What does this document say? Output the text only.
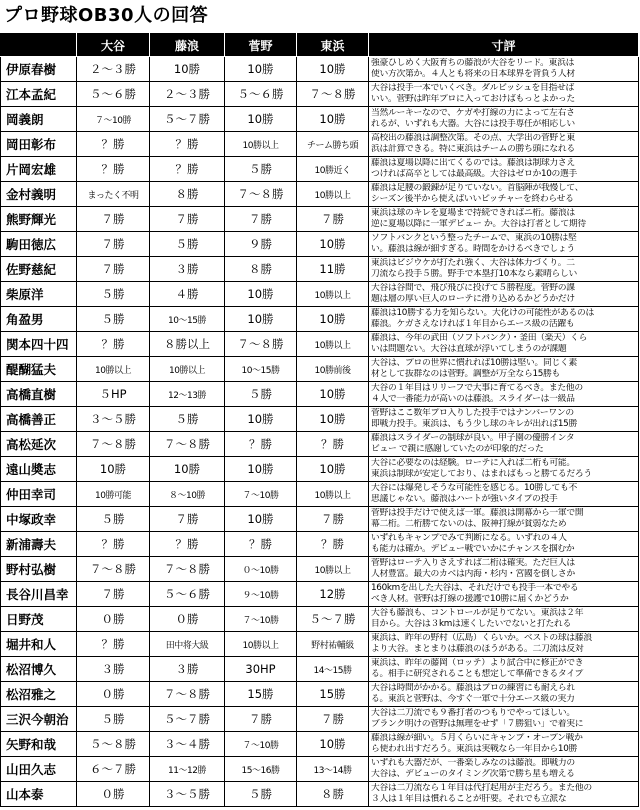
プロ野球OB30人の回答
	大谷	藤浪	菅野	東浜	寸評
伊原春樹	２～３勝	10勝	10勝	10勝	強豪ひしめく大阪育ちの藤浪が大谷をリード。東浜は
使い方次第か。４人とも将来の日本球界を背負う人材

江本孟紀	５～６勝	２～３勝	５～６勝	７～８勝	大谷は投手一本でいくべき。ダルビッシュを目指せば
いい。菅野は昨年プロに入っておけばもっとよかった

岡義朗	７～10勝	５～７勝	10勝	10勝	当然ルーキーなので、ケガや打線の力によって左右さ
れるが、いずれも大器。大谷には投手専任が相応しい

岡田彰布	？勝	？勝	10勝以上	チーム勝ち頭	高校出の藤浪は調整次第。その点、大学出の菅野と東
浜は計算できる。特に東浜はチームの勝ち頭になれる

片岡宏雄	？勝	？勝	５勝	10勝近く	藤浪は夏場以降に出てくるのでは。藤浪は制球力さえ
つければ高卒としては最高級。大谷はゼロか10の選手

金村義明	まったく不明	８勝	７～８勝	10勝以上	藤浪は足腰の鍛錬が足りていない。首脳陣が我慢して、
シーズン後半から使えばいいピッチャーを終わらせる

熊野輝光	７勝	７勝	７勝	７勝	東浜は球のキレを夏場まで持続できればニ桁。藤浪は
逆に夏場以降に一軍デビュー か。大谷は打者として期待

駒田徳広	７勝	５勝	９勝	10勝	ソフトバンクという整ったチームで、東浜の10勝は堅
い。藤浪は線が細すぎる。時間をかけるべきでしょう

佐野慈紀	７勝	３勝	８勝	11勝	東浜はビジウケが打たれ強く、大谷は体力づくり。二
刀流なら投手５勝。野手で本塁打10本なら素晴らしい

柴原洋	５勝	４勝	10勝	10勝以上	大谷は谷間で、飛び飛びに投げて５勝程度。菅野の課
題は層の厚い巨人のローテに滑り込めるかどうかだけ

角盈男	５勝	10～15勝	10勝	10勝	藤浪は10勝する力を知らない。大化けの可能性があるのは
藤浪。ケガさえなければ１年目からエース級の活躍も

関本四十四	？勝	８勝以上	７～８勝	10勝以上	藤浪は、今年の武田（ソフトバンク）・釜田（楽天）くら
いは問題ない。大谷は直球が浮いてしまうのが課題

醍醐猛夫	10勝以上	10勝以上	10～15勝	10勝前後	大谷は、プロの世界に慣れれば10勝は堅い。同じく素
材として抜群なのは菅野。調整が万全なら15勝も

高橋直樹	５HP	12～13勝	５勝	10勝	大谷の１年目はリリーフで大事に育てるべき。また他の
４人で一番能力が高いのは藤浪。スライダーは一級品

高橋善正	３～５勝	５勝	10勝	10勝	菅野はここ数年プロ入りした投手ではナンバーワンの
即戦力投手。東浜は、もう少し球のキレが出れば15勝

高松延次	７～８勝	７～８勝	？勝	？勝	藤浪はスライダーの制球が良い。甲子園の優勝インタ
ビュー で親に感謝していたのが印象的だった

遠山奬志	10勝	10勝	10勝	10勝	大谷に必要なのは経験。ローテに入れば二桁も可能。
東浜は制球が安定しており、はまればもっと勝てるだろう

仲田幸司	10勝可能	８～10勝	７～10勝	10勝以上	大谷には爆発しそうな可能性を感じる。10勝しても不
思議じゃない。藤浪はハートが強いタイプの投手

中塚政幸	５勝	７勝	10勝	７勝	菅野は投手だけで使えば一軍。藤浪は開幕から一軍で開
幕二桁。二桁勝てないのは、阪神打線が貧弱なため

新浦壽夫	？勝	？勝	？勝	？勝	いずれもキャンプでみて判断になる。いずれの４人
も能力は確か。デビュー戦でいかにチャンスを掴むか

野村弘樹	７～８勝	７～８勝	０～10勝	10勝以上	菅野はローテ入りさえすれば二桁は確実。ただ巨人は
人材豊富。最大のカベは内海・杉内・宮國を倒しさか

長谷川昌幸	７勝	５～６勝	９～10勝	12勝	160kmを出した大谷は、それだけでも投手一本でやる
べき人材。菅野は打線の援護で10勝に届くかどうか

日野茂	０勝	０勝	７～10勝	５～７勝	大谷も藤浪も、コントロールが足りてない。東浜は２年
目から。大谷は３kmは速くしたいでないと打たれる

堀井和人	？勝	田中将大級	10勝以上	野村祐輔級	東浜は、昨年の野村（広島）くらいか。ベストの球は藤浪
より大谷。まとまりは藤浪のほうがある。二刀流は反対

松沼博久	３勝	３勝	30HP	14～15勝	東浜は、昨年の藤岡（ロッテ）より試合中に修正ができ
る。相手に研究されることも想定して準備できるタイプ

松沼雅之	０勝	７～８勝	15勝	15勝	大谷は時間がかかる。藤浪はプロの練習にも耐えられ
る。東浜と菅野は、今すぐ一軍で十分エース級の実力

三沢今朝治	５勝	５～７勝	７勝	７勝	大谷は二刀流でも９番打者のつもりでやってほしい。
ブランク明けの菅野は無理をせず「７勝狙い」で着実に

矢野和哉	５～８勝	３～４勝	７～10勝	10勝	藤浪は線が細い。５月くらいにキャンプ・オープン戦か
ら使われ出すだろう。東浜は実戦なら一年目から10勝

山田久志	６～７勝	11～12勝	15～16勝	13～14勝	いずれも大器だが、一番楽しみなのは藤浪。即戦力の
大谷は、デビューのタイミング次第で勝ち星も増える

山本泰	０勝	３～５勝	５勝	８勝	大谷は二刀流なら１年目は代打起用が主だろう。また他の
３人は１年目は慣れることが肝要。それでも立派な
